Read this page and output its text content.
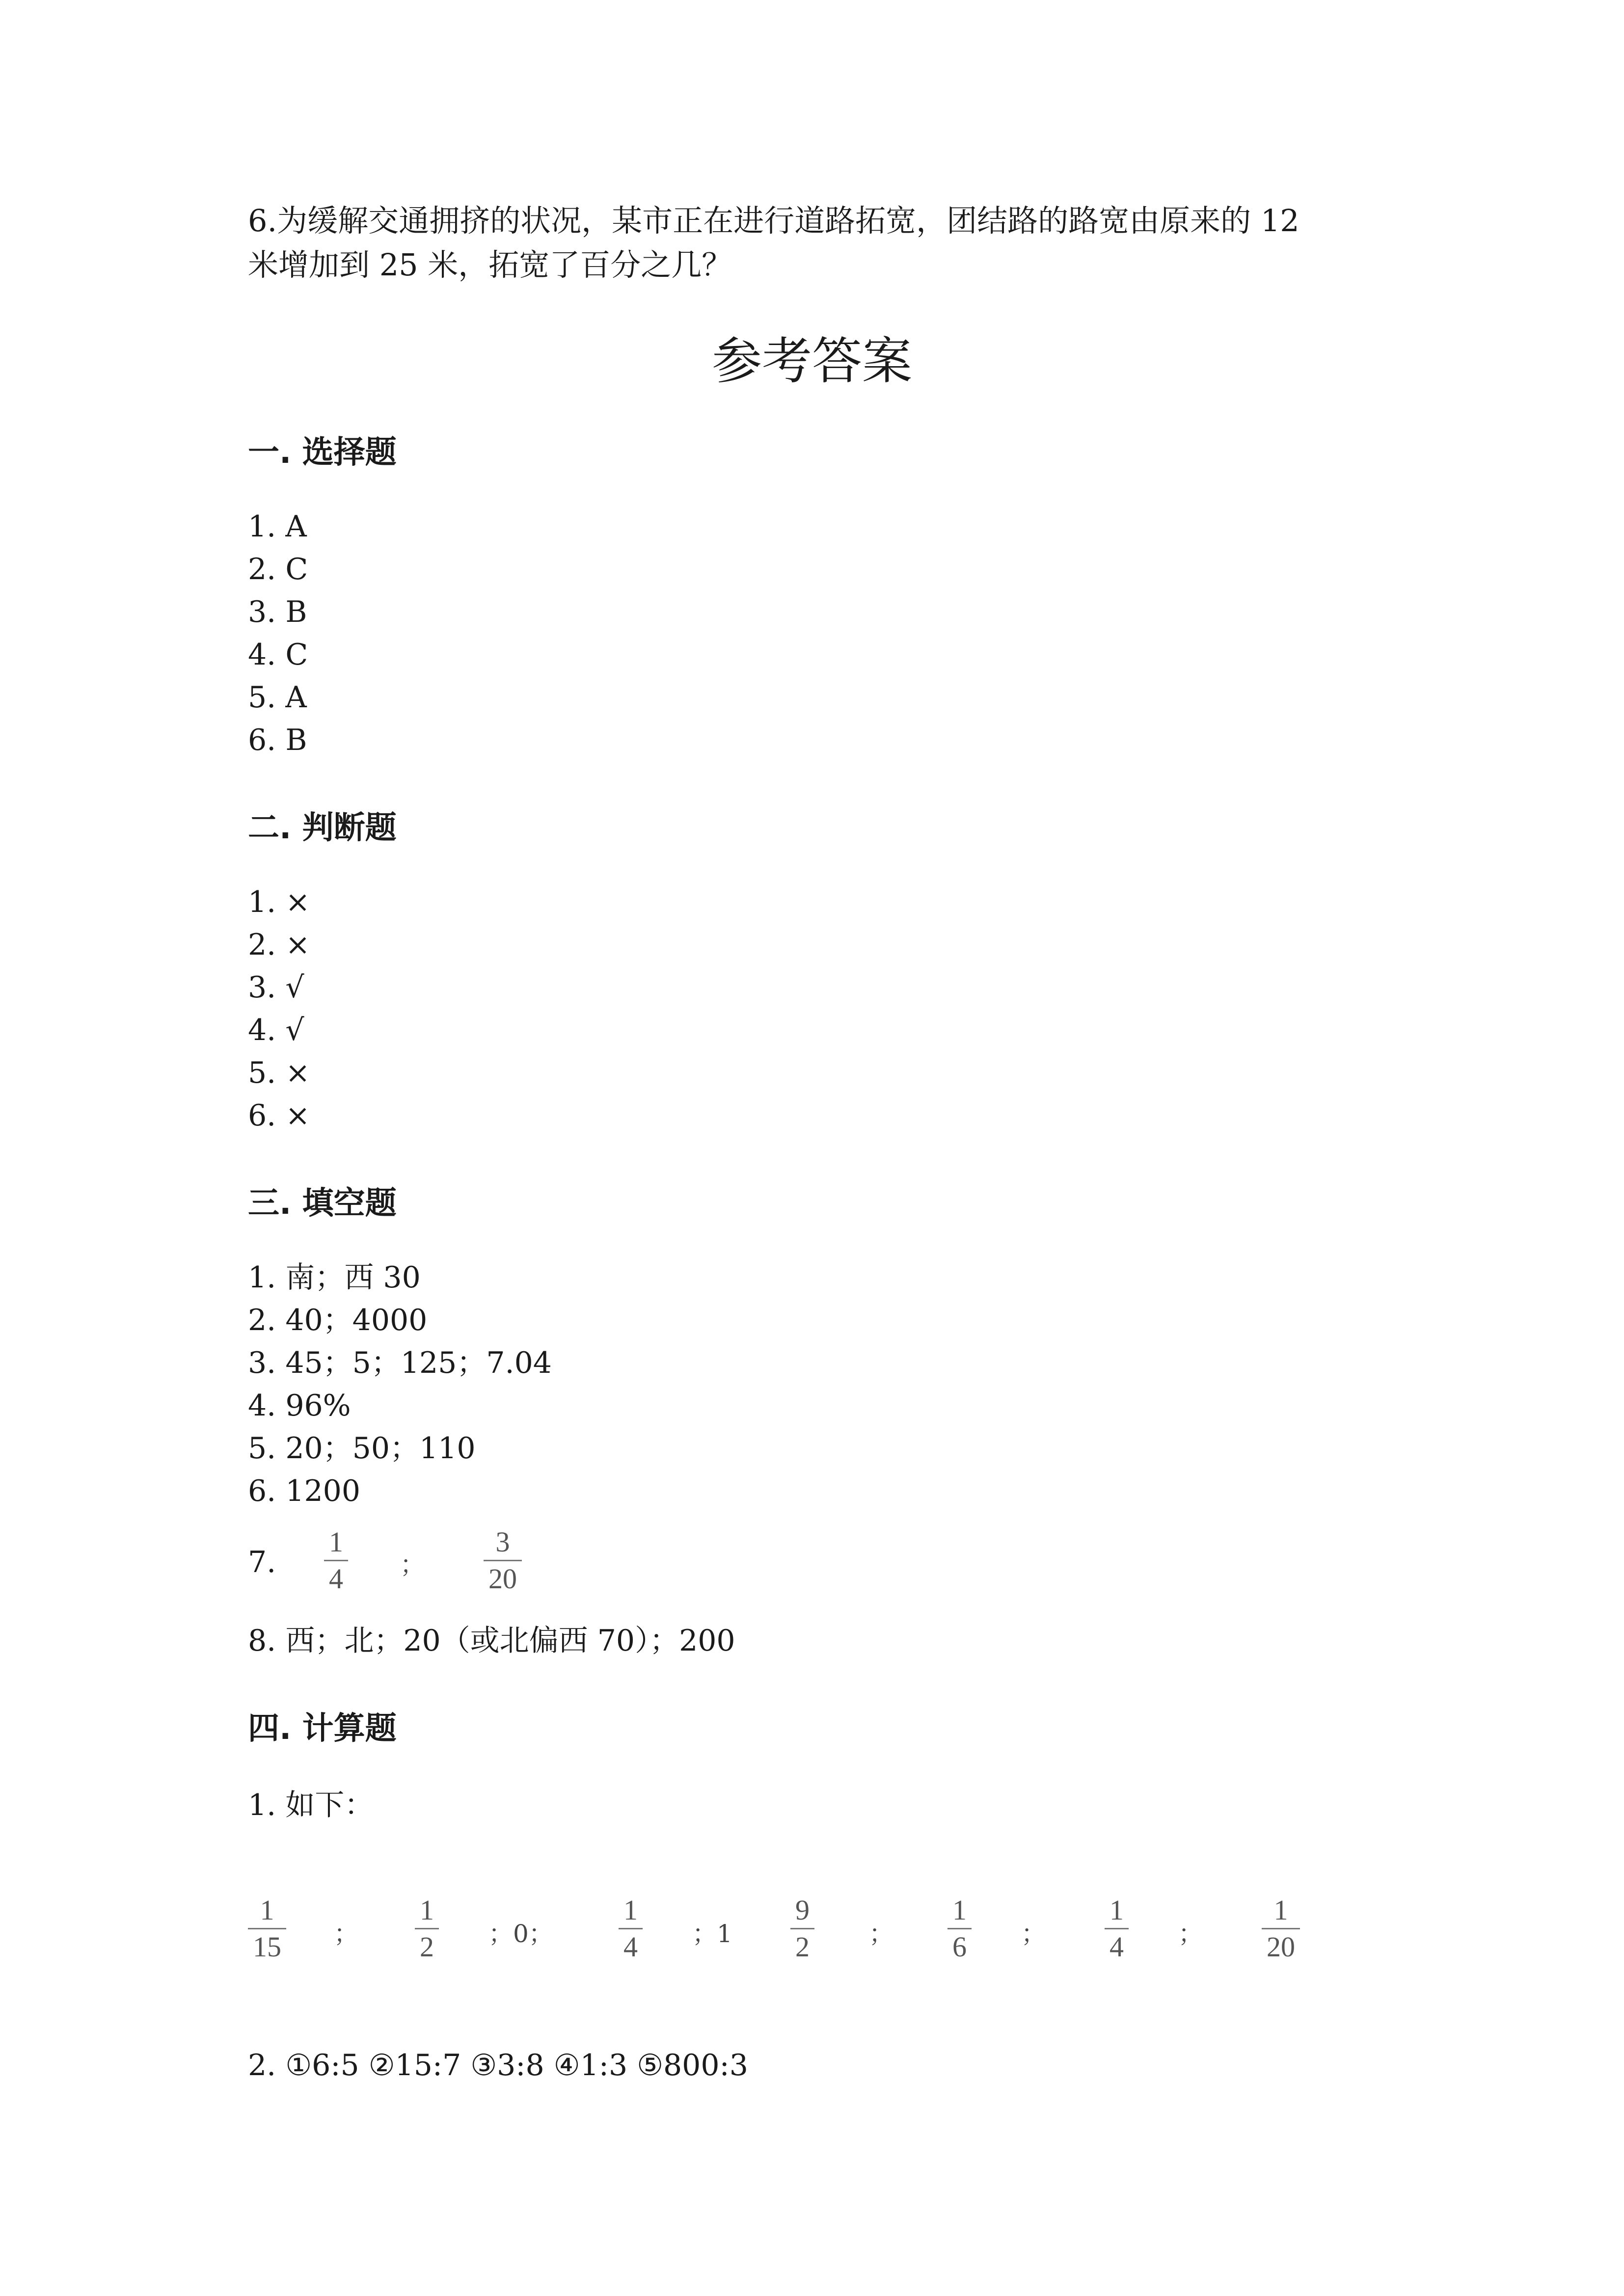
6.为缓解交通拥挤的状况，某市正在进行道路拓宽，团结路的路宽由原来的 12
米增加到 25 米，拓宽了百分之几？
参考答案
一. 选择题
1. A
2. C
3. B
4. C
5. A
6. B
二. 判断题
1. ×
2. ×
3. √
4. √
5. ×
6. ×
三. 填空题
1. 南；西 30
2. 40；4000
3. 45；5；125；7.04
4. 96%
5. 20；50；110
6. 1200
7.
1
4 ；
3
20
8. 西；北；20（或北偏西 70）；200
四. 计算题
1. 如下：
1
15 ；
1
2 ；0；
1
4 ；1
9
2 ；
1
6 ；
1
4 ；
1
20
2. ①6:5 ②15:7 ③3:8 ④1:3 ⑤800:3
